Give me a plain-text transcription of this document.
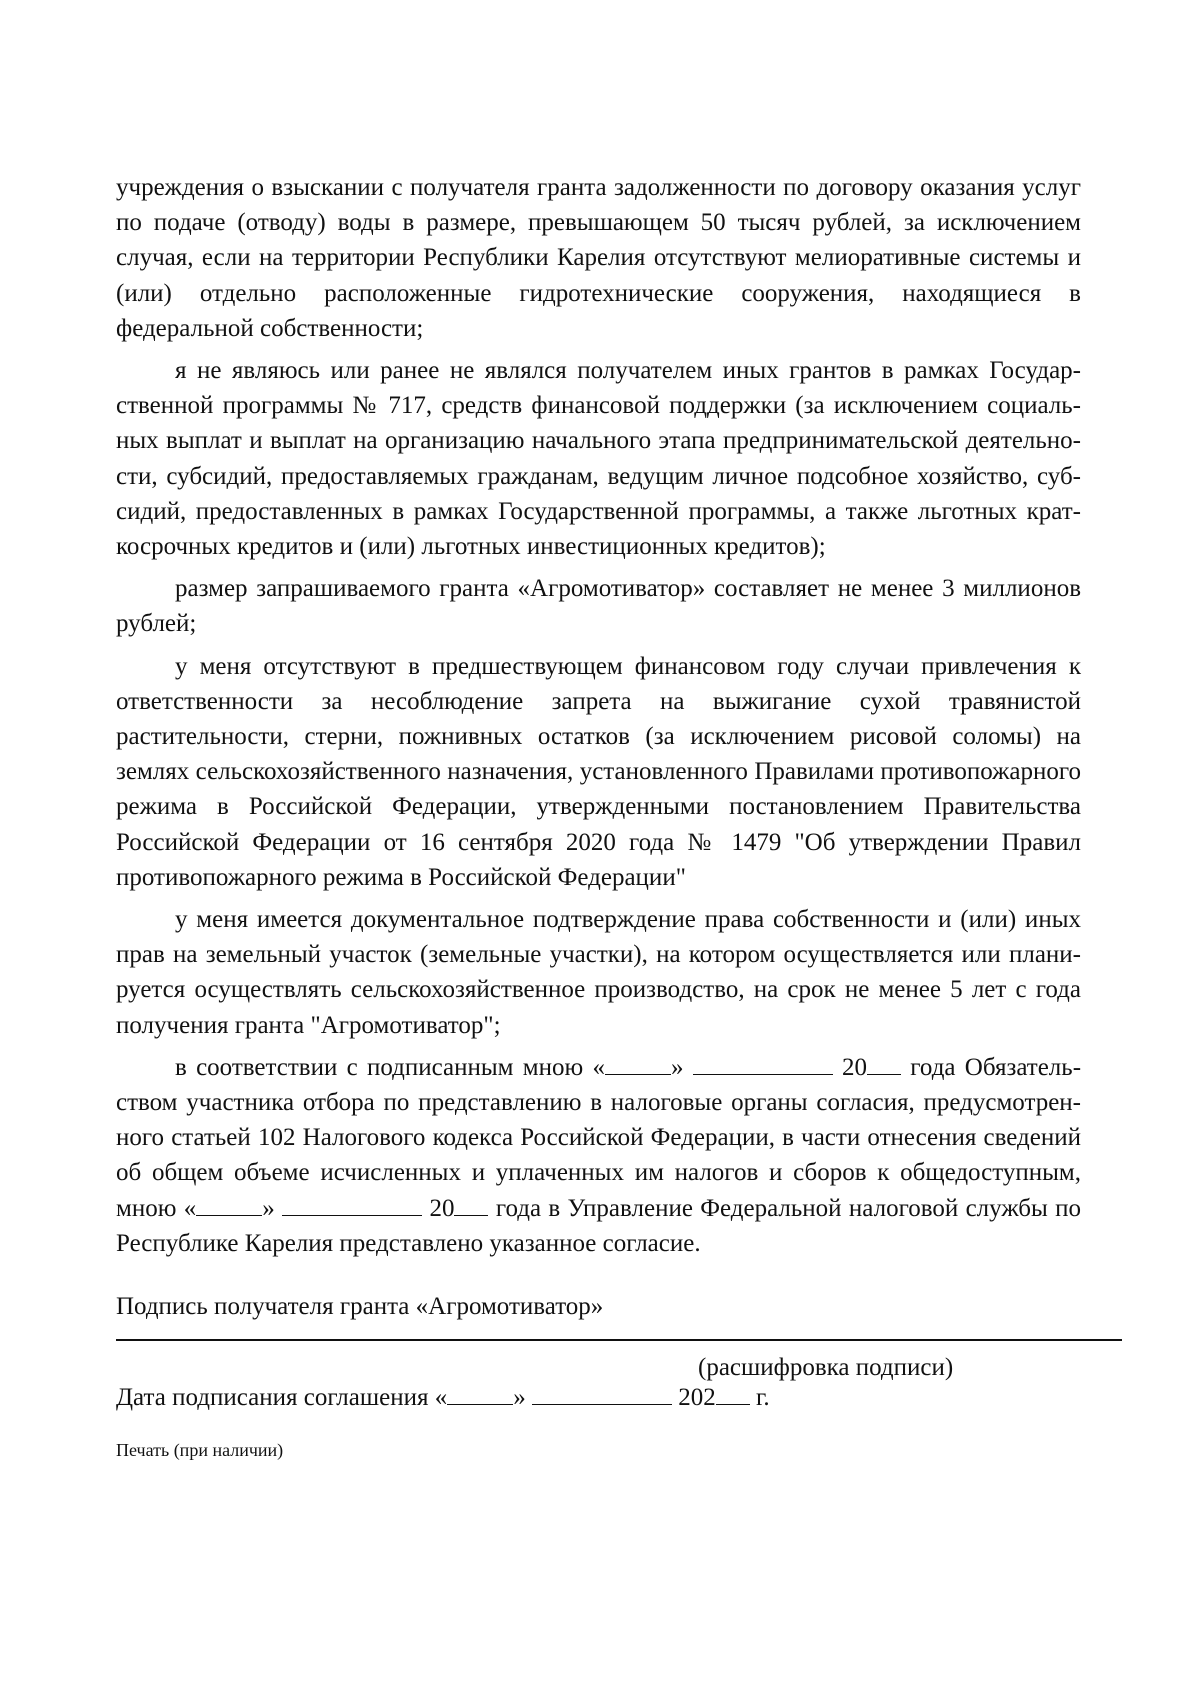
учреждения о взыскании с получателя гранта задолженности по договору оказания услуг по подаче (отводу) воды в размере, превышающем 50 тысяч рублей, за исключением случая, если на территории Республики Карелия отсутствуют мелиоративные системы и (или) отдельно расположенные гидротехнические сооружения, находящиеся в федеральной собственности;

я не являюсь или ранее не являлся получателем иных грантов в рамках Государственной программы № 717, средств финансовой поддержки (за исключением социальных выплат и выплат на организацию начального этапа предпринимательской деятельности, субсидий, предоставляемых гражданам, ведущим личное подсобное хозяйство, субсидий, предоставленных в рамках Государственной программы, а также льготных краткосрочных кредитов и (или) льготных инвестиционных кредитов);

размер запрашиваемого гранта «Агромотиватор» составляет не менее 3 миллионов рублей;

у меня отсутствуют в предшествующем финансовом году случаи привлечения к ответственности за несоблюдение запрета на выжигание сухой травянистой растительности, стерни, пожнивных остатков (за исключением рисовой соломы) на землях сельскохозяйственного назначения, установленного Правилами противопожарного режима в Российской Федерации, утвержденными постановлением Правительства Российской Федерации от 16 сентября 2020 года № 1479 "Об утверждении Правил противопожарного режима в Российской Федерации"

у меня имеется документальное подтверждение права собственности и (или) иных прав на земельный участок (земельные участки), на котором осуществляется или планируется осуществлять сельскохозяйственное производство, на срок не менее 5 лет с года получения гранта "Агромотиватор";

в соответствии с подписанным мною «	»	20 года Обязательством участника отбора по представлению в налоговые органы согласия, предусмотренного статьей 102 Налогового кодекса Российской Федерации, в части отнесения сведений об общем объеме исчисленных и уплаченных им налогов и сборов к общедоступным, мною «	»	20 года в Управление Федеральной налоговой службы по Республике Карелия представлено указанное согласие.

Подпись получателя гранта «Агромотиватор»
(расшифровка подписи)
Дата подписания соглашения «	»	202 г.
Печать (при наличии)
